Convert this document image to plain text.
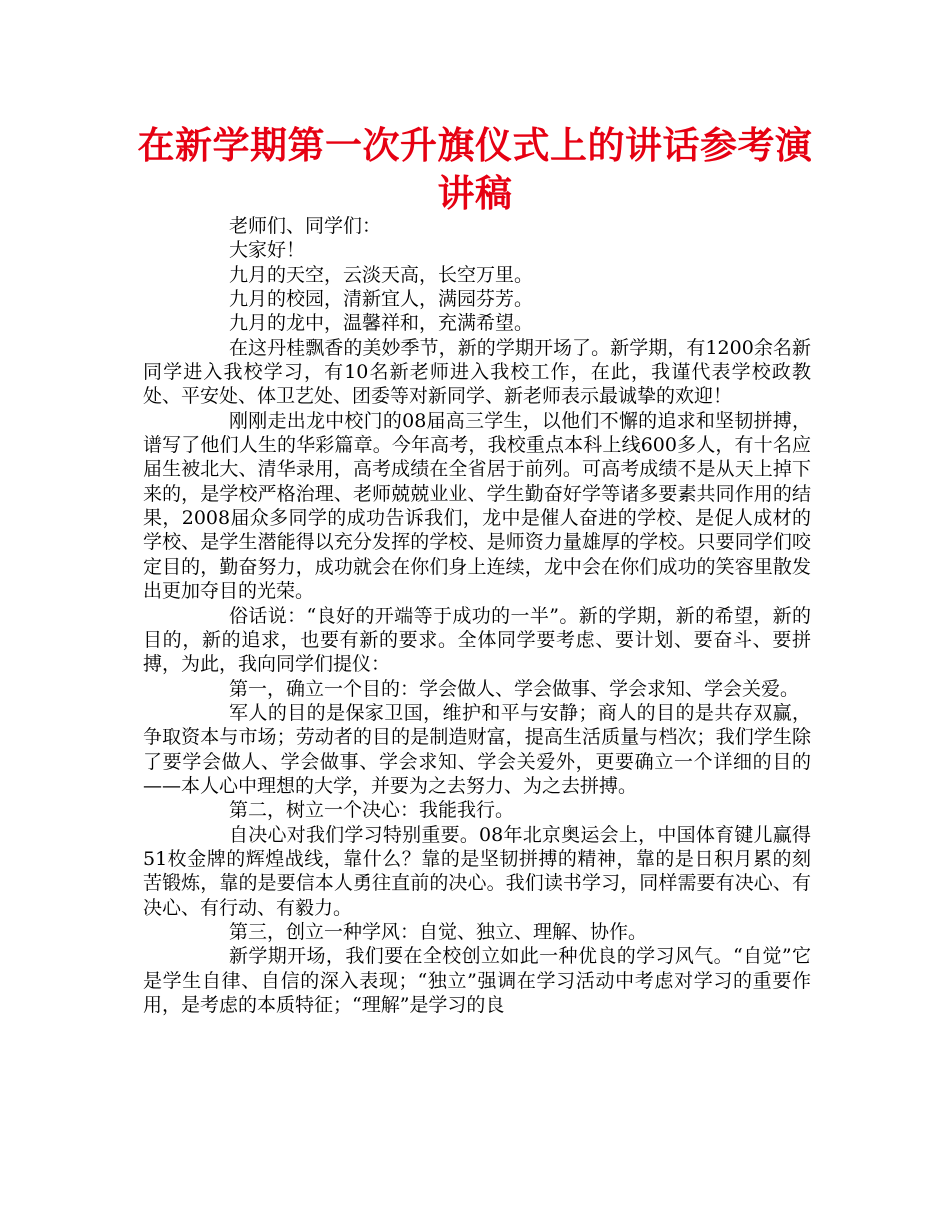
在新学期第一次升旗仪式上的讲话参考演讲稿

老师们、同学们：

大家好！

九月的天空，云淡天高，长空万里。

九月的校园，清新宜人，满园芬芳。

九月的龙中，温馨祥和，充满希望。

在这丹桂飘香的美妙季节，新的学期开场了。新学期，有1200余名新同学进入我校学习，有10名新老师进入我校工作，在此，我谨代表学校政教处、平安处、体卫艺处、团委等对新同学、新老师表示最诚挚的欢迎！

刚刚走出龙中校门的08届高三学生，以他们不懈的追求和坚韧拼搏，谱写了他们人生的华彩篇章。今年高考，我校重点本科上线600多人，有十名应届生被北大、清华录用，高考成绩在全省居于前列。可高考成绩不是从天上掉下来的，是学校严格治理、老师兢兢业业、学生勤奋好学等诸多要素共同作用的结果，2008届众多同学的成功告诉我们，龙中是催人奋进的学校、是促人成材的学校、是学生潜能得以充分发挥的学校、是师资力量雄厚的学校。只要同学们咬定目的，勤奋努力，成功就会在你们身上连续，龙中会在你们成功的笑容里散发出更加夺目的光荣。

俗话说：“良好的开端等于成功的一半”。新的学期，新的希望，新的目的，新的追求，也要有新的要求。全体同学要考虑、要计划、要奋斗、要拼搏，为此，我向同学们提仪：

第一，确立一个目的：学会做人、学会做事、学会求知、学会关爱。

军人的目的是保家卫国，维护和平与安静；商人的目的是共存双赢，争取资本与市场；劳动者的目的是制造财富，提高生活质量与档次；我们学生除了要学会做人、学会做事、学会求知、学会关爱外，更要确立一个详细的目的——本人心中理想的大学，并要为之去努力、为之去拼搏。

第二，树立一个决心：我能我行。

自决心对我们学习特别重要。08年北京奥运会上，中国体育键儿赢得51枚金牌的辉煌战线，靠什么？靠的是坚韧拼搏的精神，靠的是日积月累的刻苦锻炼，靠的是要信本人勇往直前的决心。我们读书学习，同样需要有决心、有决心、有行动、有毅力。

第三，创立一种学风：自觉、独立、理解、协作。

新学期开场，我们要在全校创立如此一种优良的学习风气。“自觉”它是学生自律、自信的深入表现；“独立”强调在学习活动中考虑对学习的重要作用，是考虑的本质特征；“理解”是学习的良
